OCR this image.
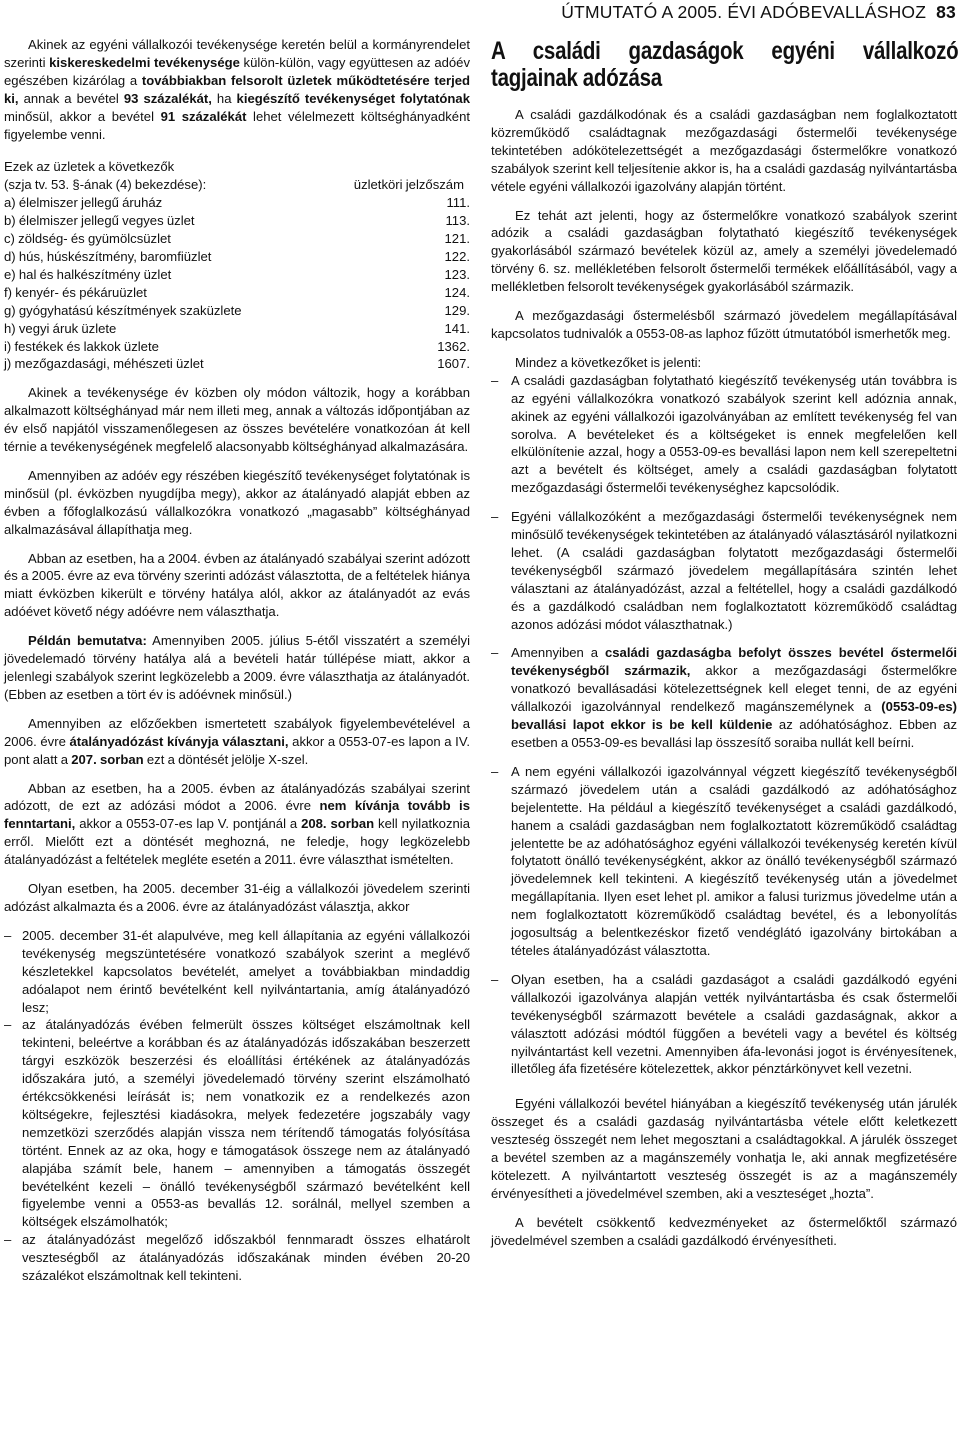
ÚTMUTATÓ A 2005. ÉVI ADÓBEVALLÁSHOZ 83

Akinek az egyéni vállalkozói tevékenysége keretén belül a kormányrendelet szerinti kiskereskedelmi tevékenysége külön-külön, vagy együttesen az adóév egészében kizárólag a továbbiakban felsorolt üzletek működtetésére terjed ki, annak a bevétel 93 százalékát, ha kiegészítő tevékenységet folytatónak minősül, akkor a bevétel 91 százalékát lehet vélelmezett költséghányadként figyelembe venni.

Ezek az üzletek a következők

(szja tv. 53. §-ának (4) bekezdése):	üzletköri jelzőszám
a) élelmiszer jellegű áruház	111.
b) élelmiszer jellegű vegyes üzlet	113.
c) zöldség- és gyümölcsüzlet	121.
d) hús, húskészítmény, baromfiüzlet	122.
e) hal és halkészítmény üzlet	123.
f) kenyér- és pékáruüzlet	124.
g) gyógyhatású készítmények szaküzlete	129.
h) vegyi áruk üzlete	141.
i) festékek és lakkok üzlete	1362.
j) mezőgazdasági, méhészeti üzlet	1607.

Akinek a tevékenysége év közben oly módon változik, hogy a korábban alkalmazott költséghányad már nem illeti meg, annak a változás időpontjában az év első napjától visszamenőlegesen az összes bevételére vonatkozóan át kell térnie a tevékenységének megfelelő alacsonyabb költséghányad alkalmazására.

Amennyiben az adóév egy részében kiegészítő tevékenységet folytatónak is minősül (pl. évközben nyugdíjba megy), akkor az átalányadó alapját ebben az évben a főfoglalkozású vállalkozókra vonatkozó „magasabb” költséghányad alkalmazásával állapíthatja meg.

Abban az esetben, ha a 2004. évben az átalányadó szabályai szerint adózott és a 2005. évre az eva törvény szerinti adózást választotta, de a feltételek hiánya miatt évközben kikerült e törvény hatálya alól, akkor az átalányadót az evás adóévet követő négy adóévre nem választhatja.

Példán bemutatva: Amennyiben 2005. július 5-étől visszatért a személyi jövedelemadó törvény hatálya alá a bevételi határ túllépése miatt, akkor a jelenlegi szabályok szerint legközelebb a 2009. évre választhatja az átalányadót. (Ebben az esetben a tört év is adóévnek minősül.)

Amennyiben az előzőekben ismertetett szabályok figyelembevételével a 2006. évre átalányadózást kíványja választani, akkor a 0553-07-es lapon a IV. pont alatt a 207. sorban ezt a döntését jelölje X-szel.

Abban az esetben, ha a 2005. évben az átalányadózás szabályai szerint adózott, de ezt az adózási módot a 2006. évre nem kívánja tovább is fenntartani, akkor a 0553-07-es lap V. pontjánál a 208. sorban kell nyilatkoznia erről. Mielőtt ezt a döntését meghozná, ne feledje, hogy legközelebb átalányadózást a feltételek megléte esetén a 2011. évre választhat ismételten.

Olyan esetben, ha 2005. december 31-éig a vállalkozói jövedelem szerinti adózást alkalmazta és a 2006. évre az átalányadózást választja, akkor

– 2005. december 31-ét alapulvéve, meg kell állapítania az egyéni vállalkozói tevékenység megszüntetésére vonatkozó szabályok szerint a meglévő készletekkel kapcsolatos bevételét, amelyet a továbbiakban mindaddig adóalapot nem érintő bevételként kell nyilvántartania, amíg átalányadózó lesz;

– az átalányadózás évében felmerült összes költséget elszámoltnak kell tekinteni, beleértve a korábban és az átalányadózás időszakában beszerzett tárgyi eszközök beszerzési és eloállítási értékének az átalányadózás időszakára jutó, a személyi jövedelemadó törvény szerint elszámolható értékcsökkenési leírását is; nem vonatkozik ez a rendelkezés azon költségekre, fejlesztési kiadásokra, melyek fedezetére jogszabály vagy nemzetközi szerződés alapján vissza nem térítendő támogatás folyósítása történt. Ennek az az oka, hogy e támogatások összege nem az átalányadó alapjába számít bele, hanem – amennyiben a támogatás összegét bevételként kezeli – önálló tevékenységből származó bevételként kell figyelembe venni a 0553-as bevallás 12. sorálnál, mellyel szemben a költségek elszámolhatók;

– az átalányadózást megelőző időszakból fennmaradt összes elhatárolt veszteségből az átalányadózás időszakának minden évében 20-20 százalékot elszámoltnak kell tekinteni.

A családi gazdaságok egyéni vállalkozó tagjainak adózása

A családi gazdálkodónak és a családi gazdaságban nem foglalkoztatott közreműködő családtagnak mezőgazdasági őstermelői tevékenysége tekintetében adókötelezettségét a mezőgazdasági őstermelőkre vonatkozó szabályok szerint kell teljesítenie akkor is, ha a családi gazdaság nyilvántartásba vétele egyéni vállalkozói igazolvány alapján történt.

Ez tehát azt jelenti, hogy az őstermelőkre vonatkozó szabályok szerint adózik a családi gazdaságban folytatható kiegészítő tevékenységek gyakorlásából származó bevételek közül az, amely a személyi jövedelemadó törvény 6. sz. mellékletében felsorolt őstermelői termékek előállításából, vagy a mellékletben felsorolt tevékenységek gyakorlásából származik.

A mezőgazdasági őstermelésből származó jövedelem megállapításával kapcsolatos tudnivalók a 0553-08-as laphoz fűzött útmutatóból ismerhetők meg.

Mindez a következőket is jelenti:

– A családi gazdaságban folytatható kiegészítő tevékenység után továbbra is az egyéni vállalkozókra vonatkozó szabályok szerint kell adóznia annak, akinek az egyéni vállalkozói igazolványában az említett tevékenység fel van sorolva. A bevételeket és a költségeket is ennek megfelelően kell elkülönítenie azzal, hogy a 0553-09-es bevallási lapon nem kell szerepeltetni azt a bevételt és költséget, amely a családi gazdaságban folytatott mezőgazdasági őstermelői tevékenységhez kapcsolódik.

– Egyéni vállalkozóként a mezőgazdasági őstermelői tevékenységnek nem minősülő tevékenységek tekintetében az átalányadó választásáról nyilatkozni lehet. (A családi gazdaságban folytatott mezőgazdasági őstermelői tevékenységből származó jövedelem megállapítására szintén lehet választani az átalányadózást, azzal a feltétellel, hogy a családi gazdálkodó és a gazdálkodó családban nem foglalkoztatott közreműködő családtag azonos adózási módot választhatnak.)

– Amennyiben a családi gazdaságba befolyt összes bevétel őstermelői tevékenységből származik, akkor a mezőgazdasági őstermelőkre vonatkozó bevallásadási kötelezettségnek kell eleget tenni, de az egyéni vállalkozói igazolvánnyal rendelkező magánszemélynek a (0553-09-es) bevallási lapot ekkor is be kell küldenie az adóhatósághoz. Ebben az esetben a 0553-09-es bevallási lap összesítő soraiba nullát kell beírni.

– A nem egyéni vállalkozói igazolvánnyal végzett kiegészítő tevékenységből származó jövedelem után a családi gazdálkodó az adóhatósághoz bejelentette. Ha például a kiegészítő tevékenységet a családi gazdálkodó, hanem a családi gazdaságban nem foglalkoztatott közreműködő családtag jelentette be az adóhatósághoz egyéni vállalkozói tevékenység keretén kívül folytatott önálló tevékenységként, akkor az önálló tevékenységből származó jövedelemnek kell tekinteni. A kiegészítő tevékenység után a jövedelmet megállapítania. Ilyen eset lehet pl. amikor a falusi turizmus jövedelme után a nem foglalkoztatott közreműködő családtag bevétel, és a lebonyolítás jogosultság a belentkezéskor fizető vendéglátó igazolvány birtokában a tételes átalányadózást választotta.

– Olyan esetben, ha a családi gazdaságot a családi gazdálkodó egyéni vállalkozói igazolványa alapján vették nyilvántartásba és csak őstermelői tevékenységből származott bevétele a családi gazdaságnak, akkor a választott adózási módtól függően a bevételi vagy a bevétel és költség nyilvántartást kell vezetni. Amennyiben áfa-levonási jogot is érvényesítenek, illetőleg áfa fizetésére kötelezettek, akkor pénztárkönyvet kell vezetni.

Egyéni vállalkozói bevétel hiányában a kiegészítő tevékenység után járulék összeget és a családi gazdaság nyilvántartásba vétele előtt keletkezett veszteség összegét nem lehet megosztani a családtagokkal. A járulék összeget a bevétel szemben az a magánszemély vonhatja le, aki annak megfizetésére kötelezett. A nyilvántartott veszteség összegét is az a magánszemély érvényesítheti a jövedelmével szemben, aki a veszteséget „hozta”.

A bevételt csökkentő kedvezményeket az őstermelőktől származó jövedelmével szemben a családi gazdálkodó érvényesítheti.
